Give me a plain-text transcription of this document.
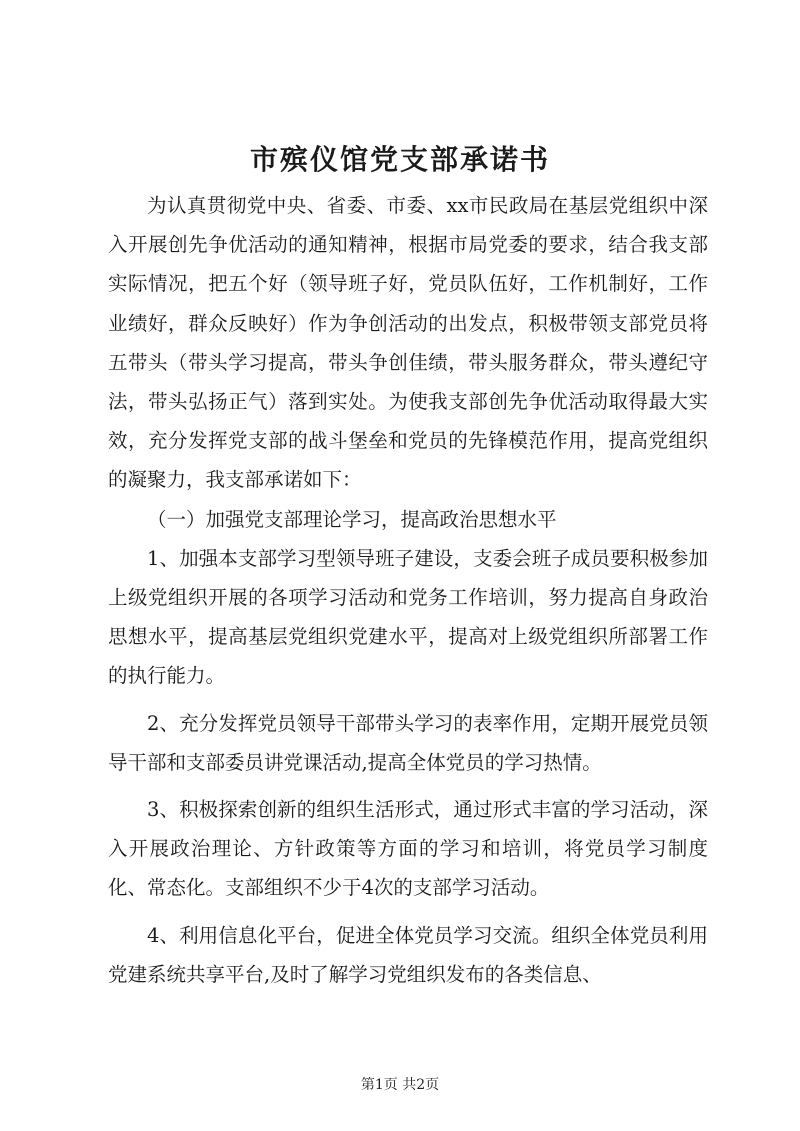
市殡仪馆党支部承诺书

为认真贯彻党中央、省委、市委、xx市民政局在基层党组织中深入开展创先争优活动的通知精神，根据市局党委的要求，结合我支部实际情况，把五个好（领导班子好，党员队伍好，工作机制好，工作业绩好，群众反映好）作为争创活动的出发点，积极带领支部党员将五带头（带头学习提高，带头争创佳绩，带头服务群众，带头遵纪守法，带头弘扬正气）落到实处。为使我支部创先争优活动取得最大实效，充分发挥党支部的战斗堡垒和党员的先锋模范作用，提高党组织的凝聚力，我支部承诺如下：

（一）加强党支部理论学习，提高政治思想水平

1、加强本支部学习型领导班子建设，支委会班子成员要积极参加上级党组织开展的各项学习活动和党务工作培训，努力提高自身政治思想水平，提高基层党组织党建水平，提高对上级党组织所部署工作的执行能力。

2、充分发挥党员领导干部带头学习的表率作用，定期开展党员领导干部和支部委员讲党课活动,提高全体党员的学习热情。

3、积极探索创新的组织生活形式，通过形式丰富的学习活动，深入开展政治理论、方针政策等方面的学习和培训，将党员学习制度化、常态化。支部组织不少于4次的支部学习活动。

4、利用信息化平台，促进全体党员学习交流。组织全体党员利用党建系统共享平台,及时了解学习党组织发布的各类信息、

第1页 共2页
